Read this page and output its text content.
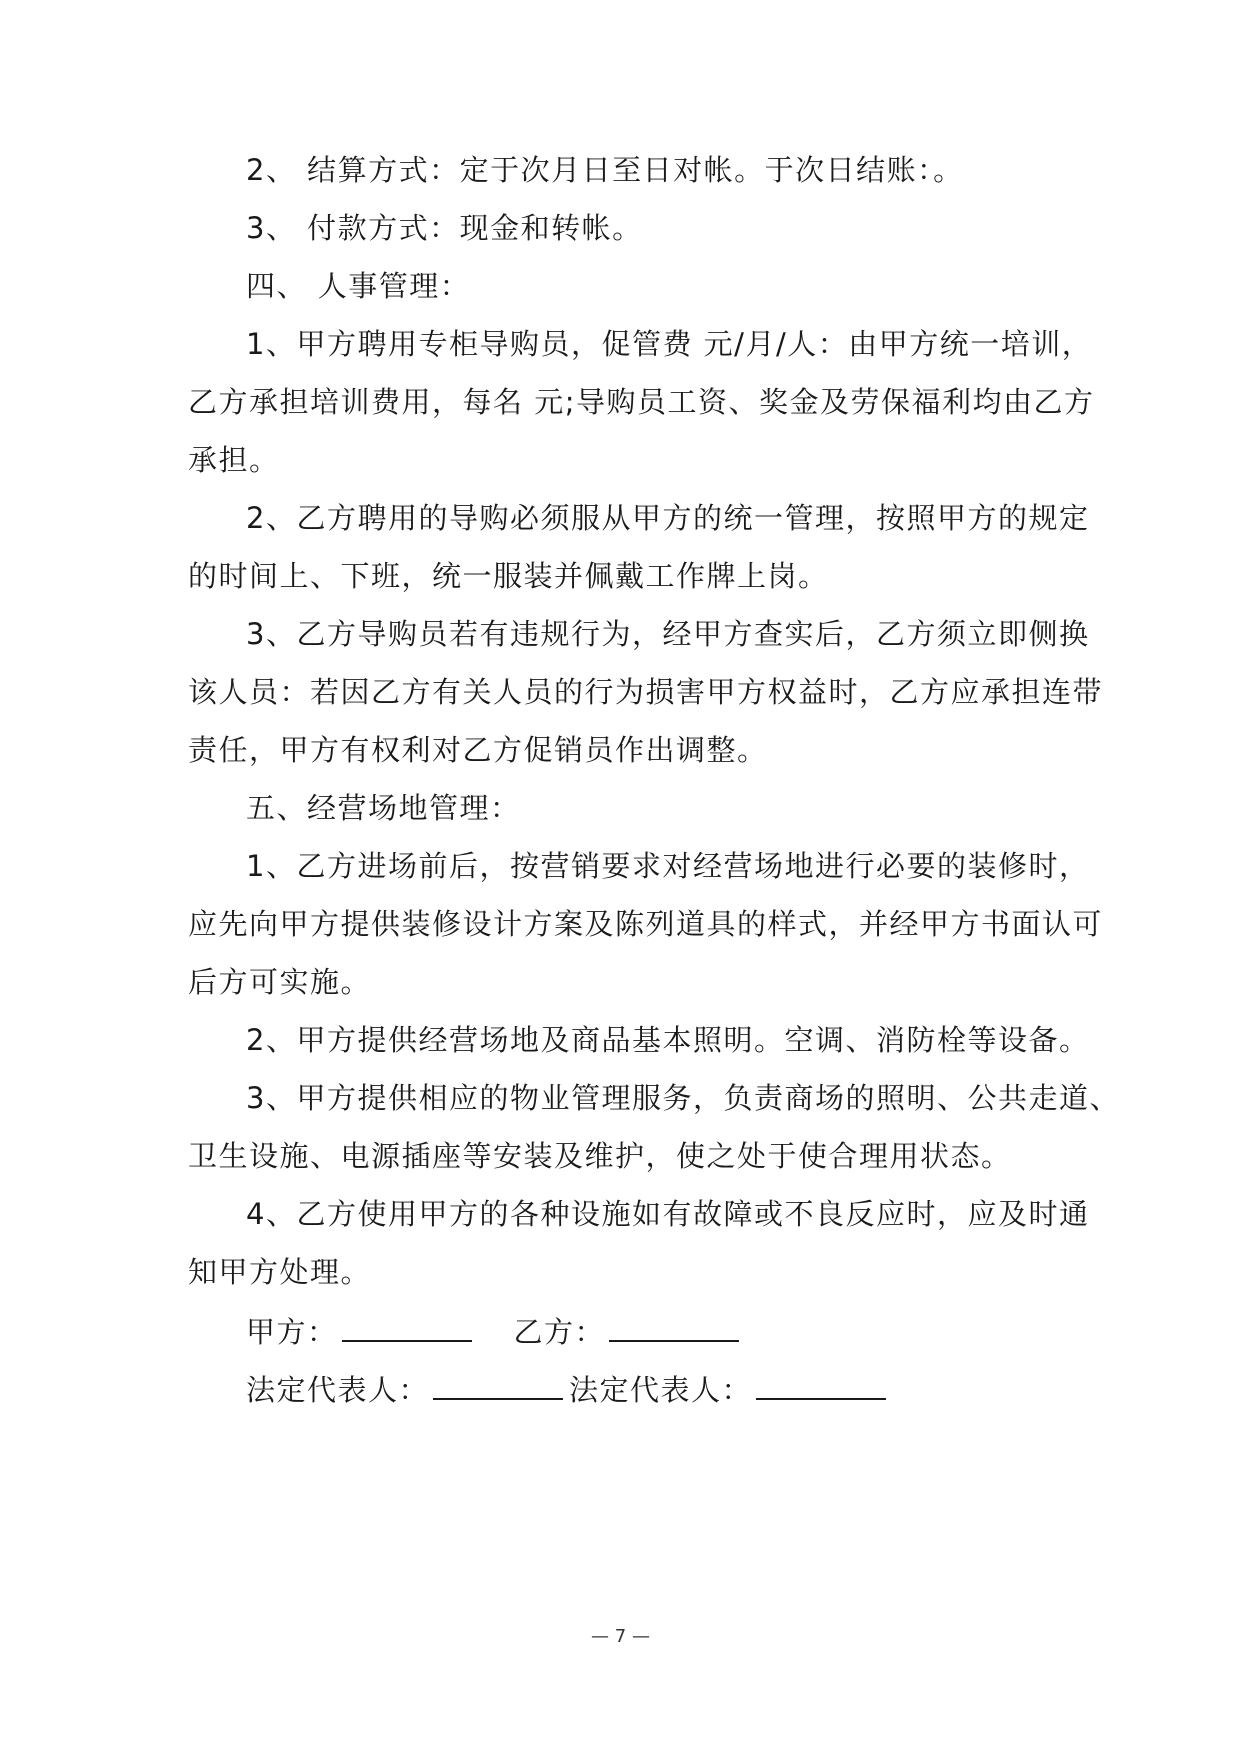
2、 结算方式：定于次月日至日对帐。于次日结账：。
3、 付款方式：现金和转帐。
四、 人事管理：
1、甲方聘用专柜导购员，促管费 元/月/人：由甲方统一培训，
乙方承担培训费用，每名 元;导购员工资、奖金及劳保福利均由乙方
承担。
2、乙方聘用的导购必须服从甲方的统一管理，按照甲方的规定
的时间上、下班，统一服装并佩戴工作牌上岗。
3、乙方导购员若有违规行为，经甲方查实后，乙方须立即侧换
该人员：若因乙方有关人员的行为损害甲方权益时，乙方应承担连带
责任，甲方有权利对乙方促销员作出调整。
五、经营场地管理：
1、乙方进场前后，按营销要求对经营场地进行必要的装修时，
应先向甲方提供装修设计方案及陈列道具的样式，并经甲方书面认可
后方可实施。
2、甲方提供经营场地及商品基本照明。空调、消防栓等设备。
3、甲方提供相应的物业管理服务，负责商场的照明、公共走道、
卫生设施、电源插座等安装及维护，使之处于使合理用状态。
4、乙方使用甲方的各种设施如有故障或不良反应时，应及时通
知甲方处理。
甲方：	乙方：
法定代表人：	法定代表人：
— 7 —
